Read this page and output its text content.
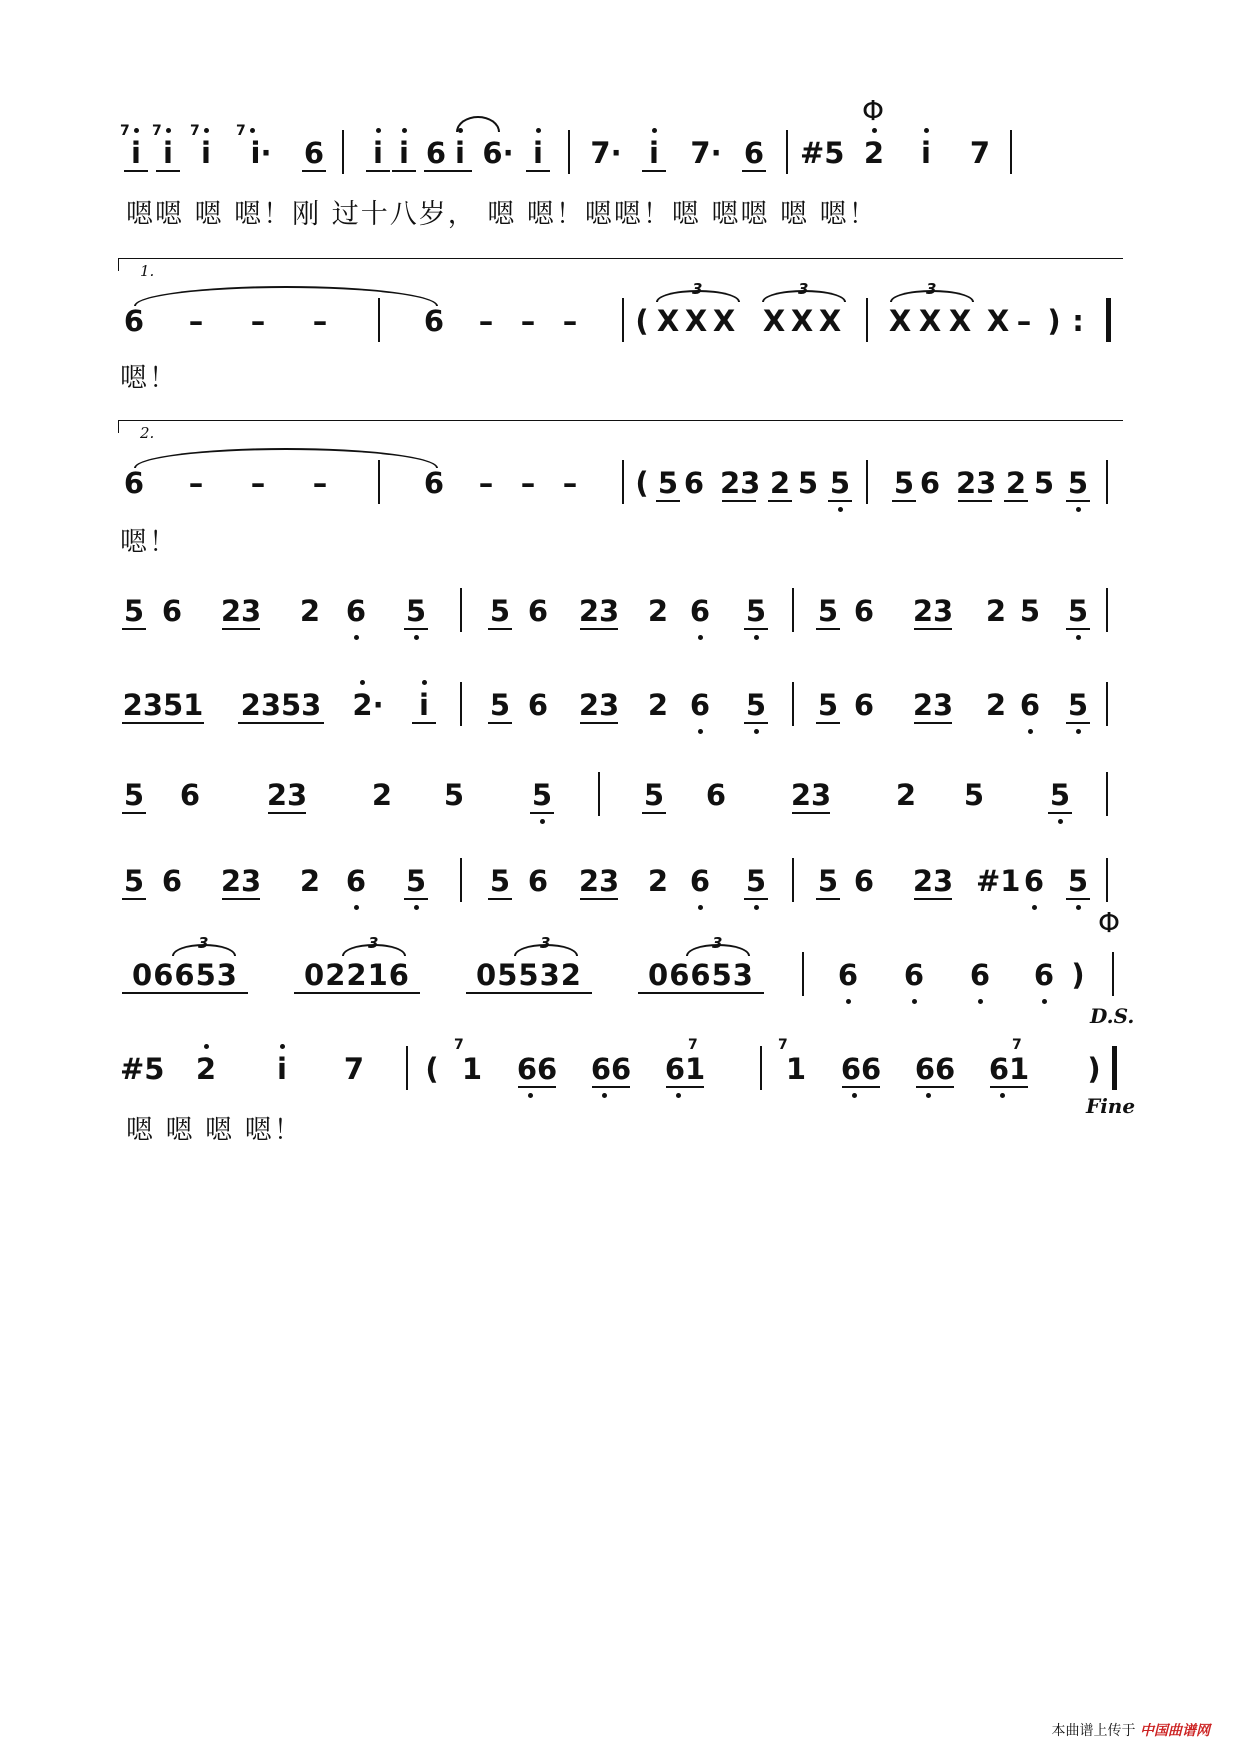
7
i
7
i
7
i
7
i·	6	i i 6 i 6· i	7· i	7· 6 #5 2	i	7
Φ
嗯嗯 嗯 嗯！刚 过十八岁， 嗯 嗯！嗯嗯！嗯 嗯嗯 嗯 嗯！
1.
6 – – –	6 – – – (
3
X X X
3
X X X
3
X X X X – ) :
嗯！
2.
6 – – –	6 – – – ( 5 6 23 2 5 5 5 6 23 2 5 5
嗯！
5 6 23 2 6 5 5 6 23 2 6 5 5 6 23 2 5 5
2351 2353 2·	i	5 6 23 2 6 5 5 6 23 2 6 5
5 6 23 2 5 5	5 6 23 2 5 5
5 6 23 2 6 5 5 6 23 2 6 5 5 6 23 #1 6 5
3
06653
3
02216
3
05532
3
06653	6 6 6 6 )
Φ
D.S.
#5 2	i	7 (
7
1 66 66
7
61
7
1 66 66
7
61 )
嗯 嗯 嗯 嗯！
Fine
本曲谱上传于 中国曲谱网
